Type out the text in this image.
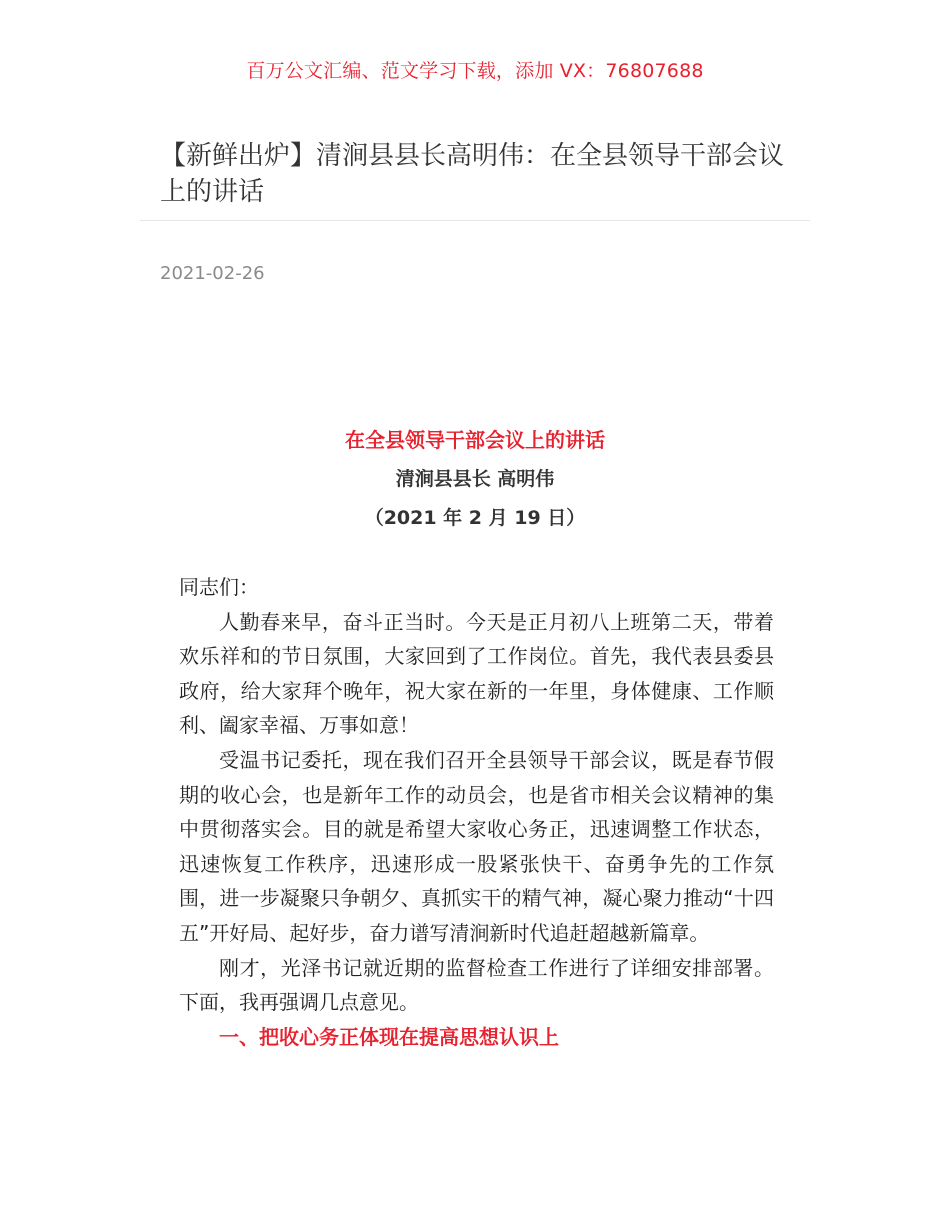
百万公文汇编、范文学习下载，添加 VX：76807688
【新鲜出炉】清涧县县长高明伟：在全县领导干部会议上的讲话
2021-02-26
在全县领导干部会议上的讲话
清涧县县长 高明伟
（2021 年 2 月 19 日）

同志们：

人勤春来早，奋斗正当时。今天是正月初八上班第二天，带着欢乐祥和的节日氛围，大家回到了工作岗位。首先，我代表县委县政府，给大家拜个晚年，祝大家在新的一年里，身体健康、工作顺利、阖家幸福、万事如意！

受温书记委托，现在我们召开全县领导干部会议，既是春节假期的收心会，也是新年工作的动员会，也是省市相关会议精神的集中贯彻落实会。目的就是希望大家收心务正，迅速调整工作状态，迅速恢复工作秩序，迅速形成一股紧张快干、奋勇争先的工作氛围，进一步凝聚只争朝夕、真抓实干的精气神，凝心聚力推动“十四五”开好局、起好步，奋力谱写清涧新时代追赶超越新篇章。

刚才，光泽书记就近期的监督检查工作进行了详细安排部署。下面，我再强调几点意见。

一、把收心务正体现在提高思想认识上
